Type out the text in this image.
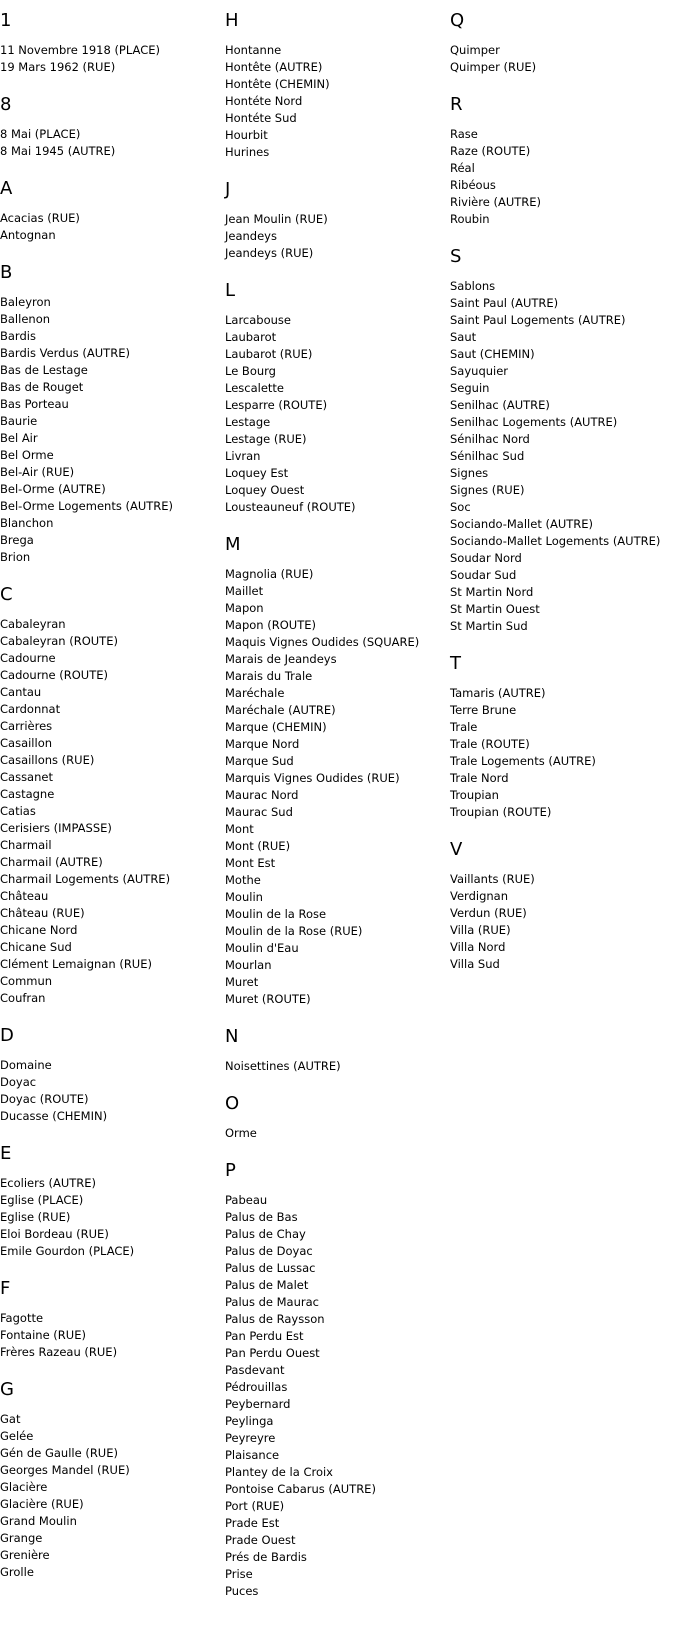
1
11 Novembre 1918 (PLACE)
19 Mars 1962 (RUE)
8
8 Mai (PLACE)
8 Mai 1945 (AUTRE)
A
Acacias (RUE)
Antognan
B
Baleyron
Ballenon
Bardis
Bardis Verdus (AUTRE)
Bas de Lestage
Bas de Rouget
Bas Porteau
Baurie
Bel Air
Bel Orme
Bel-Air (RUE)
Bel-Orme (AUTRE)
Bel-Orme Logements (AUTRE)
Blanchon
Brega
Brion
C
Cabaleyran
Cabaleyran (ROUTE)
Cadourne
Cadourne (ROUTE)
Cantau
Cardonnat
Carrières
Casaillon
Casaillons (RUE)
Cassanet
Castagne
Catias
Cerisiers (IMPASSE)
Charmail
Charmail (AUTRE)
Charmail Logements (AUTRE)
Château
Château (RUE)
Chicane Nord
Chicane Sud
Clément Lemaignan (RUE)
Commun
Coufran
D
Domaine
Doyac
Doyac (ROUTE)
Ducasse (CHEMIN)
E
Ecoliers (AUTRE)
Eglise (PLACE)
Eglise (RUE)
Eloi Bordeau (RUE)
Emile Gourdon (PLACE)
F
Fagotte
Fontaine (RUE)
Frères Razeau (RUE)
G
Gat
Gelée
Gén de Gaulle (RUE)
Georges Mandel (RUE)
Glacière
Glacière (RUE)
Grand Moulin
Grange
Grenière
Grolle
H
Hontanne
Hontête (AUTRE)
Hontête (CHEMIN)
Hontéte Nord
Hontéte Sud
Hourbit
Hurines
J
Jean Moulin (RUE)
Jeandeys
Jeandeys (RUE)
L
Larcabouse
Laubarot
Laubarot (RUE)
Le Bourg
Lescalette
Lesparre (ROUTE)
Lestage
Lestage (RUE)
Livran
Loquey Est
Loquey Ouest
Lousteauneuf (ROUTE)
M
Magnolia (RUE)
Maillet
Mapon
Mapon (ROUTE)
Maquis Vignes Oudides (SQUARE)
Marais de Jeandeys
Marais du Trale
Maréchale
Maréchale (AUTRE)
Marque (CHEMIN)
Marque Nord
Marque Sud
Marquis Vignes Oudides (RUE)
Maurac Nord
Maurac Sud
Mont
Mont (RUE)
Mont Est
Mothe
Moulin
Moulin de la Rose
Moulin de la Rose (RUE)
Moulin d'Eau
Mourlan
Muret
Muret (ROUTE)
N
Noisettines (AUTRE)
O
Orme
P
Pabeau
Palus de Bas
Palus de Chay
Palus de Doyac
Palus de Lussac
Palus de Malet
Palus de Maurac
Palus de Raysson
Pan Perdu Est
Pan Perdu Ouest
Pasdevant
Pédrouillas
Peybernard
Peylinga
Peyreyre
Plaisance
Plantey de la Croix
Pontoise Cabarus (AUTRE)
Port (RUE)
Prade Est
Prade Ouest
Prés de Bardis
Prise
Puces
Q
Quimper
Quimper (RUE)
R
Rase
Raze (ROUTE)
Réal
Ribéous
Rivière (AUTRE)
Roubin
S
Sablons
Saint Paul (AUTRE)
Saint Paul Logements (AUTRE)
Saut
Saut (CHEMIN)
Sayuquier
Seguin
Senilhac (AUTRE)
Senilhac Logements (AUTRE)
Sénilhac Nord
Sénilhac Sud
Signes
Signes (RUE)
Soc
Sociando-Mallet (AUTRE)
Sociando-Mallet Logements (AUTRE)
Soudar Nord
Soudar Sud
St Martin Nord
St Martin Ouest
St Martin Sud
T
Tamaris (AUTRE)
Terre Brune
Trale
Trale (ROUTE)
Trale Logements (AUTRE)
Trale Nord
Troupian
Troupian (ROUTE)
V
Vaillants (RUE)
Verdignan
Verdun (RUE)
Villa (RUE)
Villa Nord
Villa Sud
